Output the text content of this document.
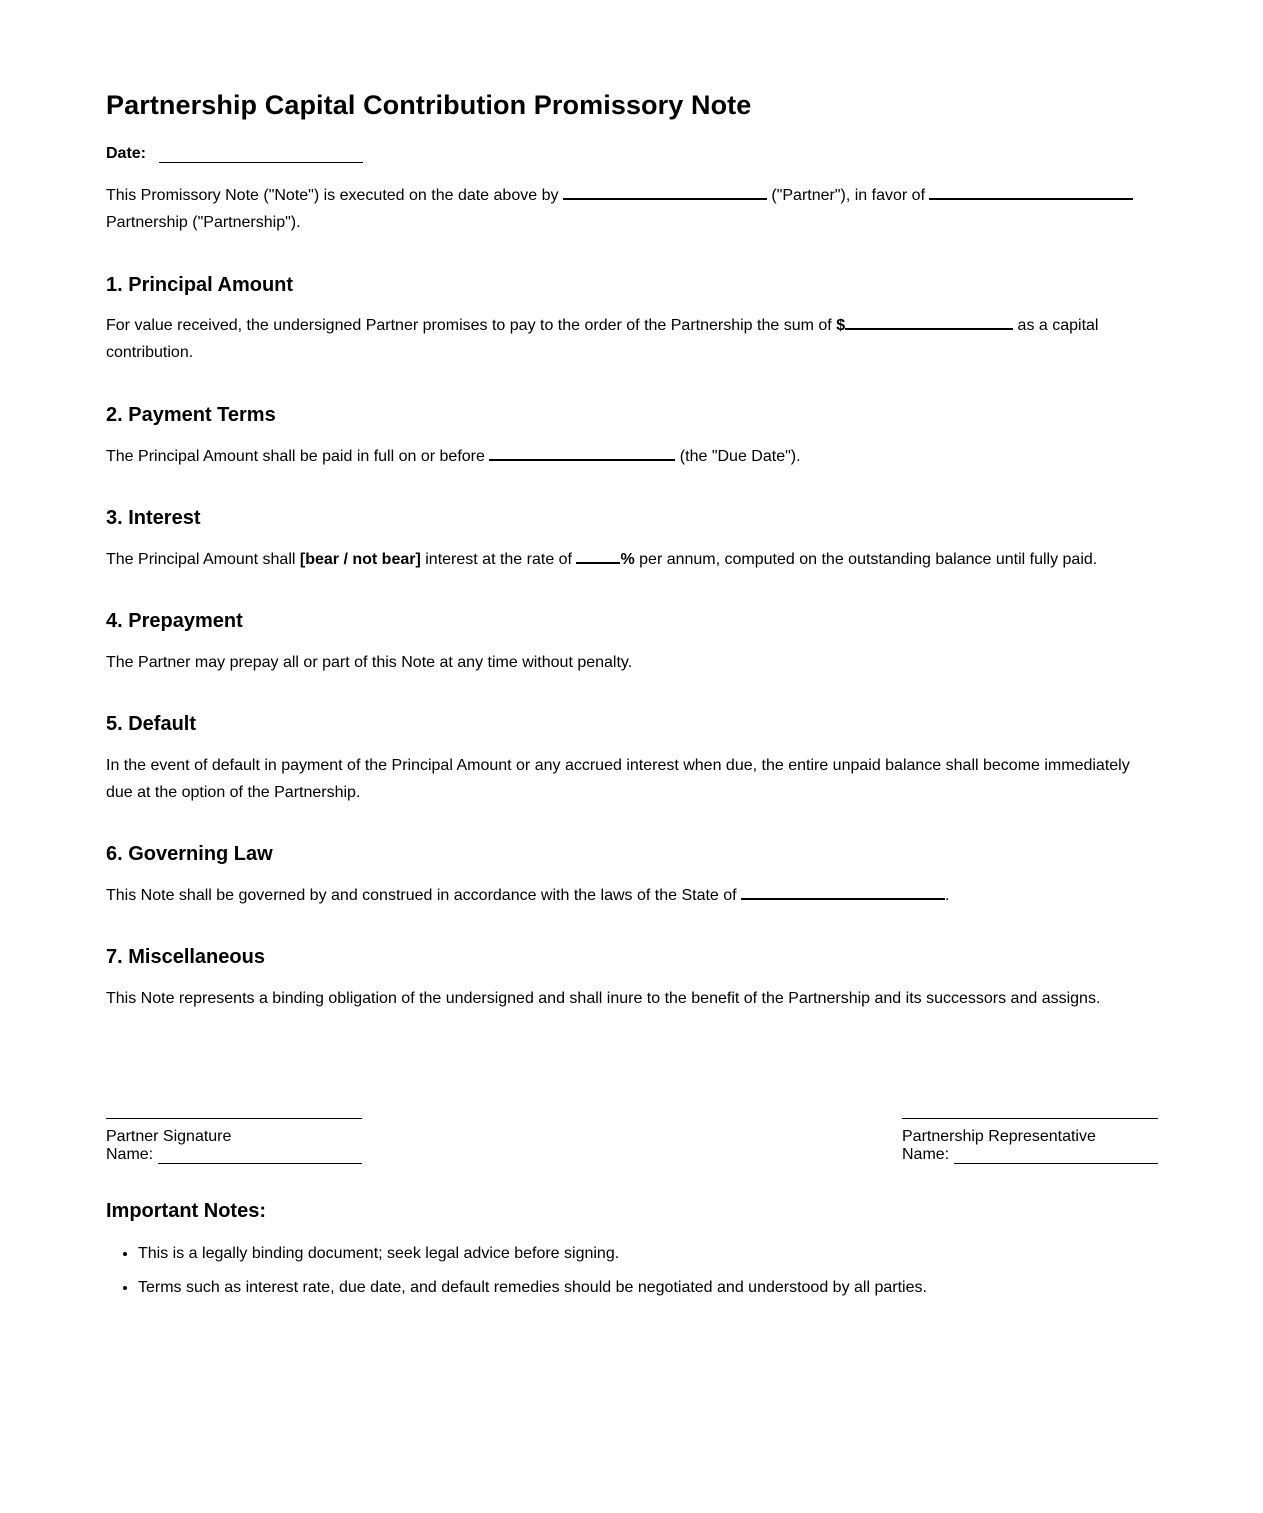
Partnership Capital Contribution Promissory Note
Date:

This Promissory Note ("Note") is executed on the date above by	("Partner"), in favor of  Partnership ("Partnership").

1. Principal Amount

For value received, the undersigned Partner promises to pay to the order of the Partnership the sum of $	as a capital contribution.

2. Payment Terms

The Principal Amount shall be paid in full on or before	(the "Due Date").

3. Interest

The Principal Amount shall [bear / not bear] interest at the rate of	% per annum, computed on the outstanding balance until fully paid.

4. Prepayment

The Partner may prepay all or part of this Note at any time without penalty.

5. Default

In the event of default in payment of the Principal Amount or any accrued interest when due, the entire unpaid balance shall become immediately due at the option of the Partnership.

6. Governing Law

This Note shall be governed by and construed in accordance with the laws of the State of	.

7. Miscellaneous

This Note represents a binding obligation of the undersigned and shall inure to the benefit of the Partnership and its successors and assigns.

Partner Signature
Name:
Partnership Representative
Name:
Important Notes:
• This is a legally binding document; seek legal advice before signing.
• Terms such as interest rate, due date, and default remedies should be negotiated and understood by all parties.
